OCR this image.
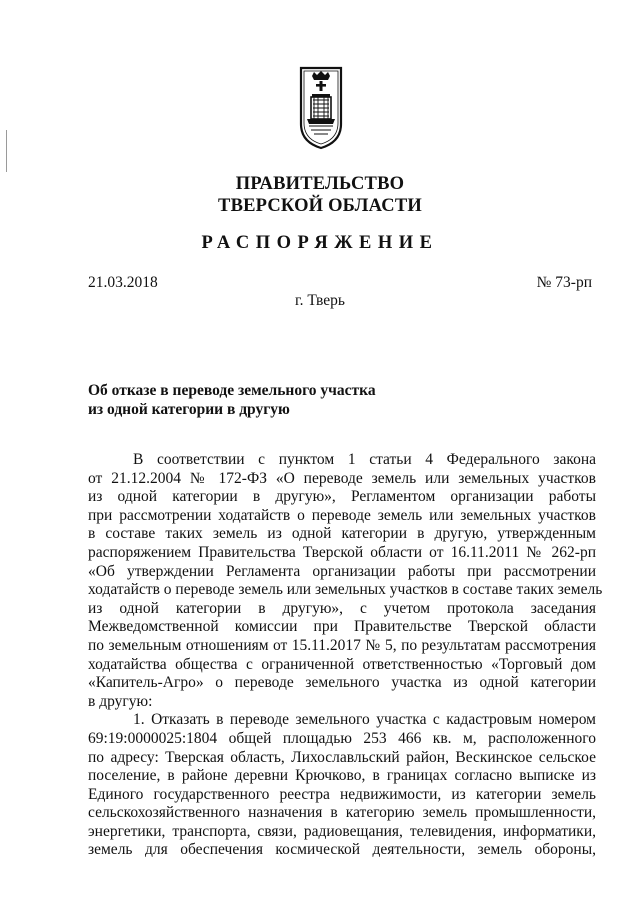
ПРАВИТЕЛЬСТВО
ТВЕРСКОЙ ОБЛАСТИ
РАСПОРЯЖЕНИЕ
21.03.2018	№ 73-рп
г. Тверь
Об отказе в переводе земельного участка
из одной категории в другую
В соответствии с пунктом 1 статьи 4 Федерального закона
от 21.12.2004 № 172-ФЗ «О переводе земель или земельных участков
из одной категории в другую», Регламентом организации работы
при рассмотрении ходатайств о переводе земель или земельных участков
в составе таких земель из одной категории в другую, утвержденным
распоряжением Правительства Тверской области от 16.11.2011 № 262-рп
«Об утверждении Регламента организации работы при рассмотрении
ходатайств о переводе земель или земельных участков в составе таких земель
из одной категории в другую», с учетом протокола заседания
Межведомственной комиссии при Правительстве Тверской области
по земельным отношениям от 15.11.2017 № 5, по результатам рассмотрения
ходатайства общества с ограниченной ответственностью «Торговый дом
«Капитель-Агро» о переводе земельного участка из одной категории
в другую:
1. Отказать в переводе земельного участка с кадастровым номером
69:19:0000025:1804 общей площадью 253 466 кв. м, расположенного
по адресу: Тверская область, Лихославльский район, Вескинское сельское
поселение, в районе деревни Крючково, в границах согласно выписке из
Единого государственного реестра недвижимости, из категории земель
сельскохозяйственного назначения в категорию земель промышленности,
энергетики, транспорта, связи, радиовещания, телевидения, информатики,
земель для обеспечения космической деятельности, земель обороны,
